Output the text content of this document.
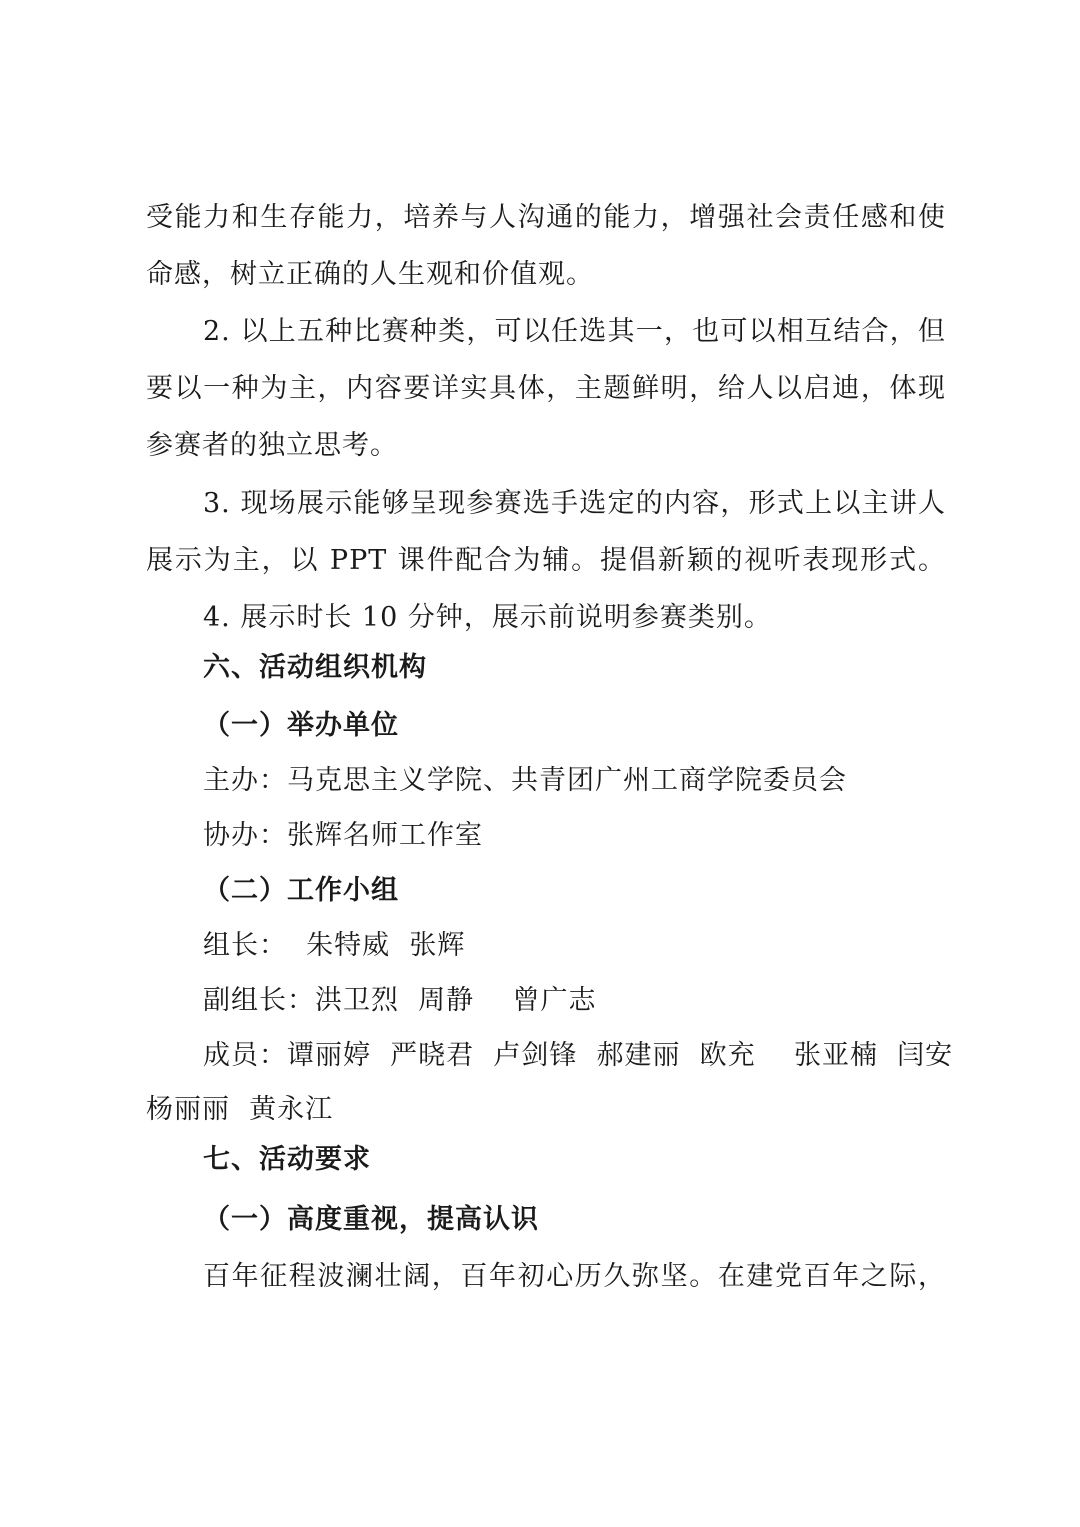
受能力和生存能力，培养与人沟通的能力，增强社会责任感和使
命感，树立正确的人生观和价值观。
2. 以上五种比赛种类，可以任选其一，也可以相互结合，但
要以一种为主，内容要详实具体，主题鲜明，给人以启迪，体现
参赛者的独立思考。
3. 现场展示能够呈现参赛选手选定的内容，形式上以主讲人
展示为主，以 PPT 课件配合为辅。提倡新颖的视听表现形式。
4. 展示时长 10 分钟，展示前说明参赛类别。
六、活动组织机构
（一）举办单位
主办：马克思主义学院、共青团广州工商学院委员会
协办：张辉名师工作室
（二）工作小组
组长：  朱特威  张辉
副组长：洪卫烈  周静    曾广志
成员：谭丽婷  严晓君  卢剑锋  郝建丽  欧充    张亚楠  闫安
杨丽丽  黄永江
七、活动要求
（一）高度重视，提高认识
百年征程波澜壮阔，百年初心历久弥坚。在建党百年之际，
